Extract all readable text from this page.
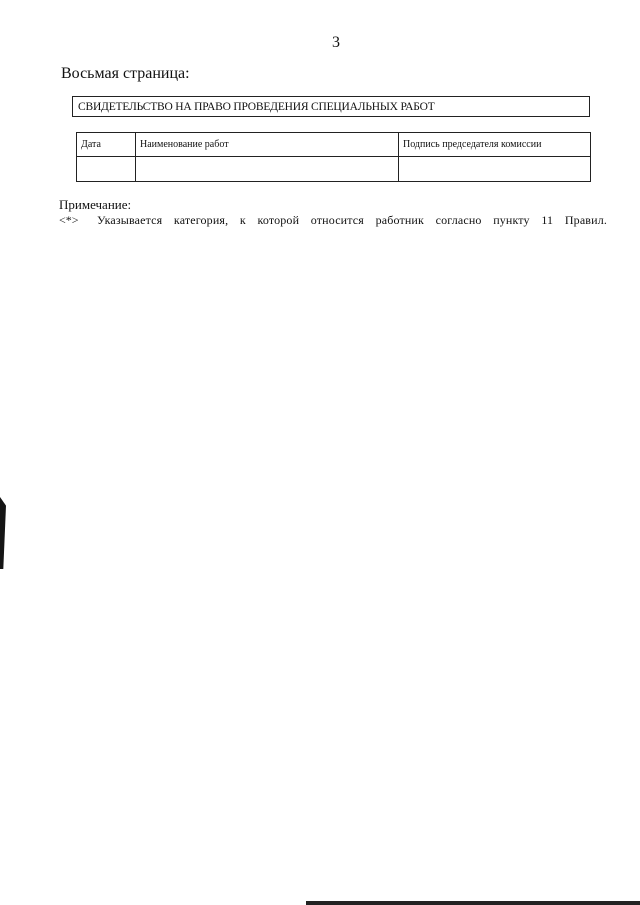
3
Восьмая страница:
СВИДЕТЕЛЬСТВО НА ПРАВО ПРОВЕДЕНИЯ СПЕЦИАЛЬНЫХ РАБОТ
Дата	Наименование работ	Подпись председателя комиссии

Примечание:
<*> Указывается категория, к которой относится работник согласно пункту 11 Правил.
